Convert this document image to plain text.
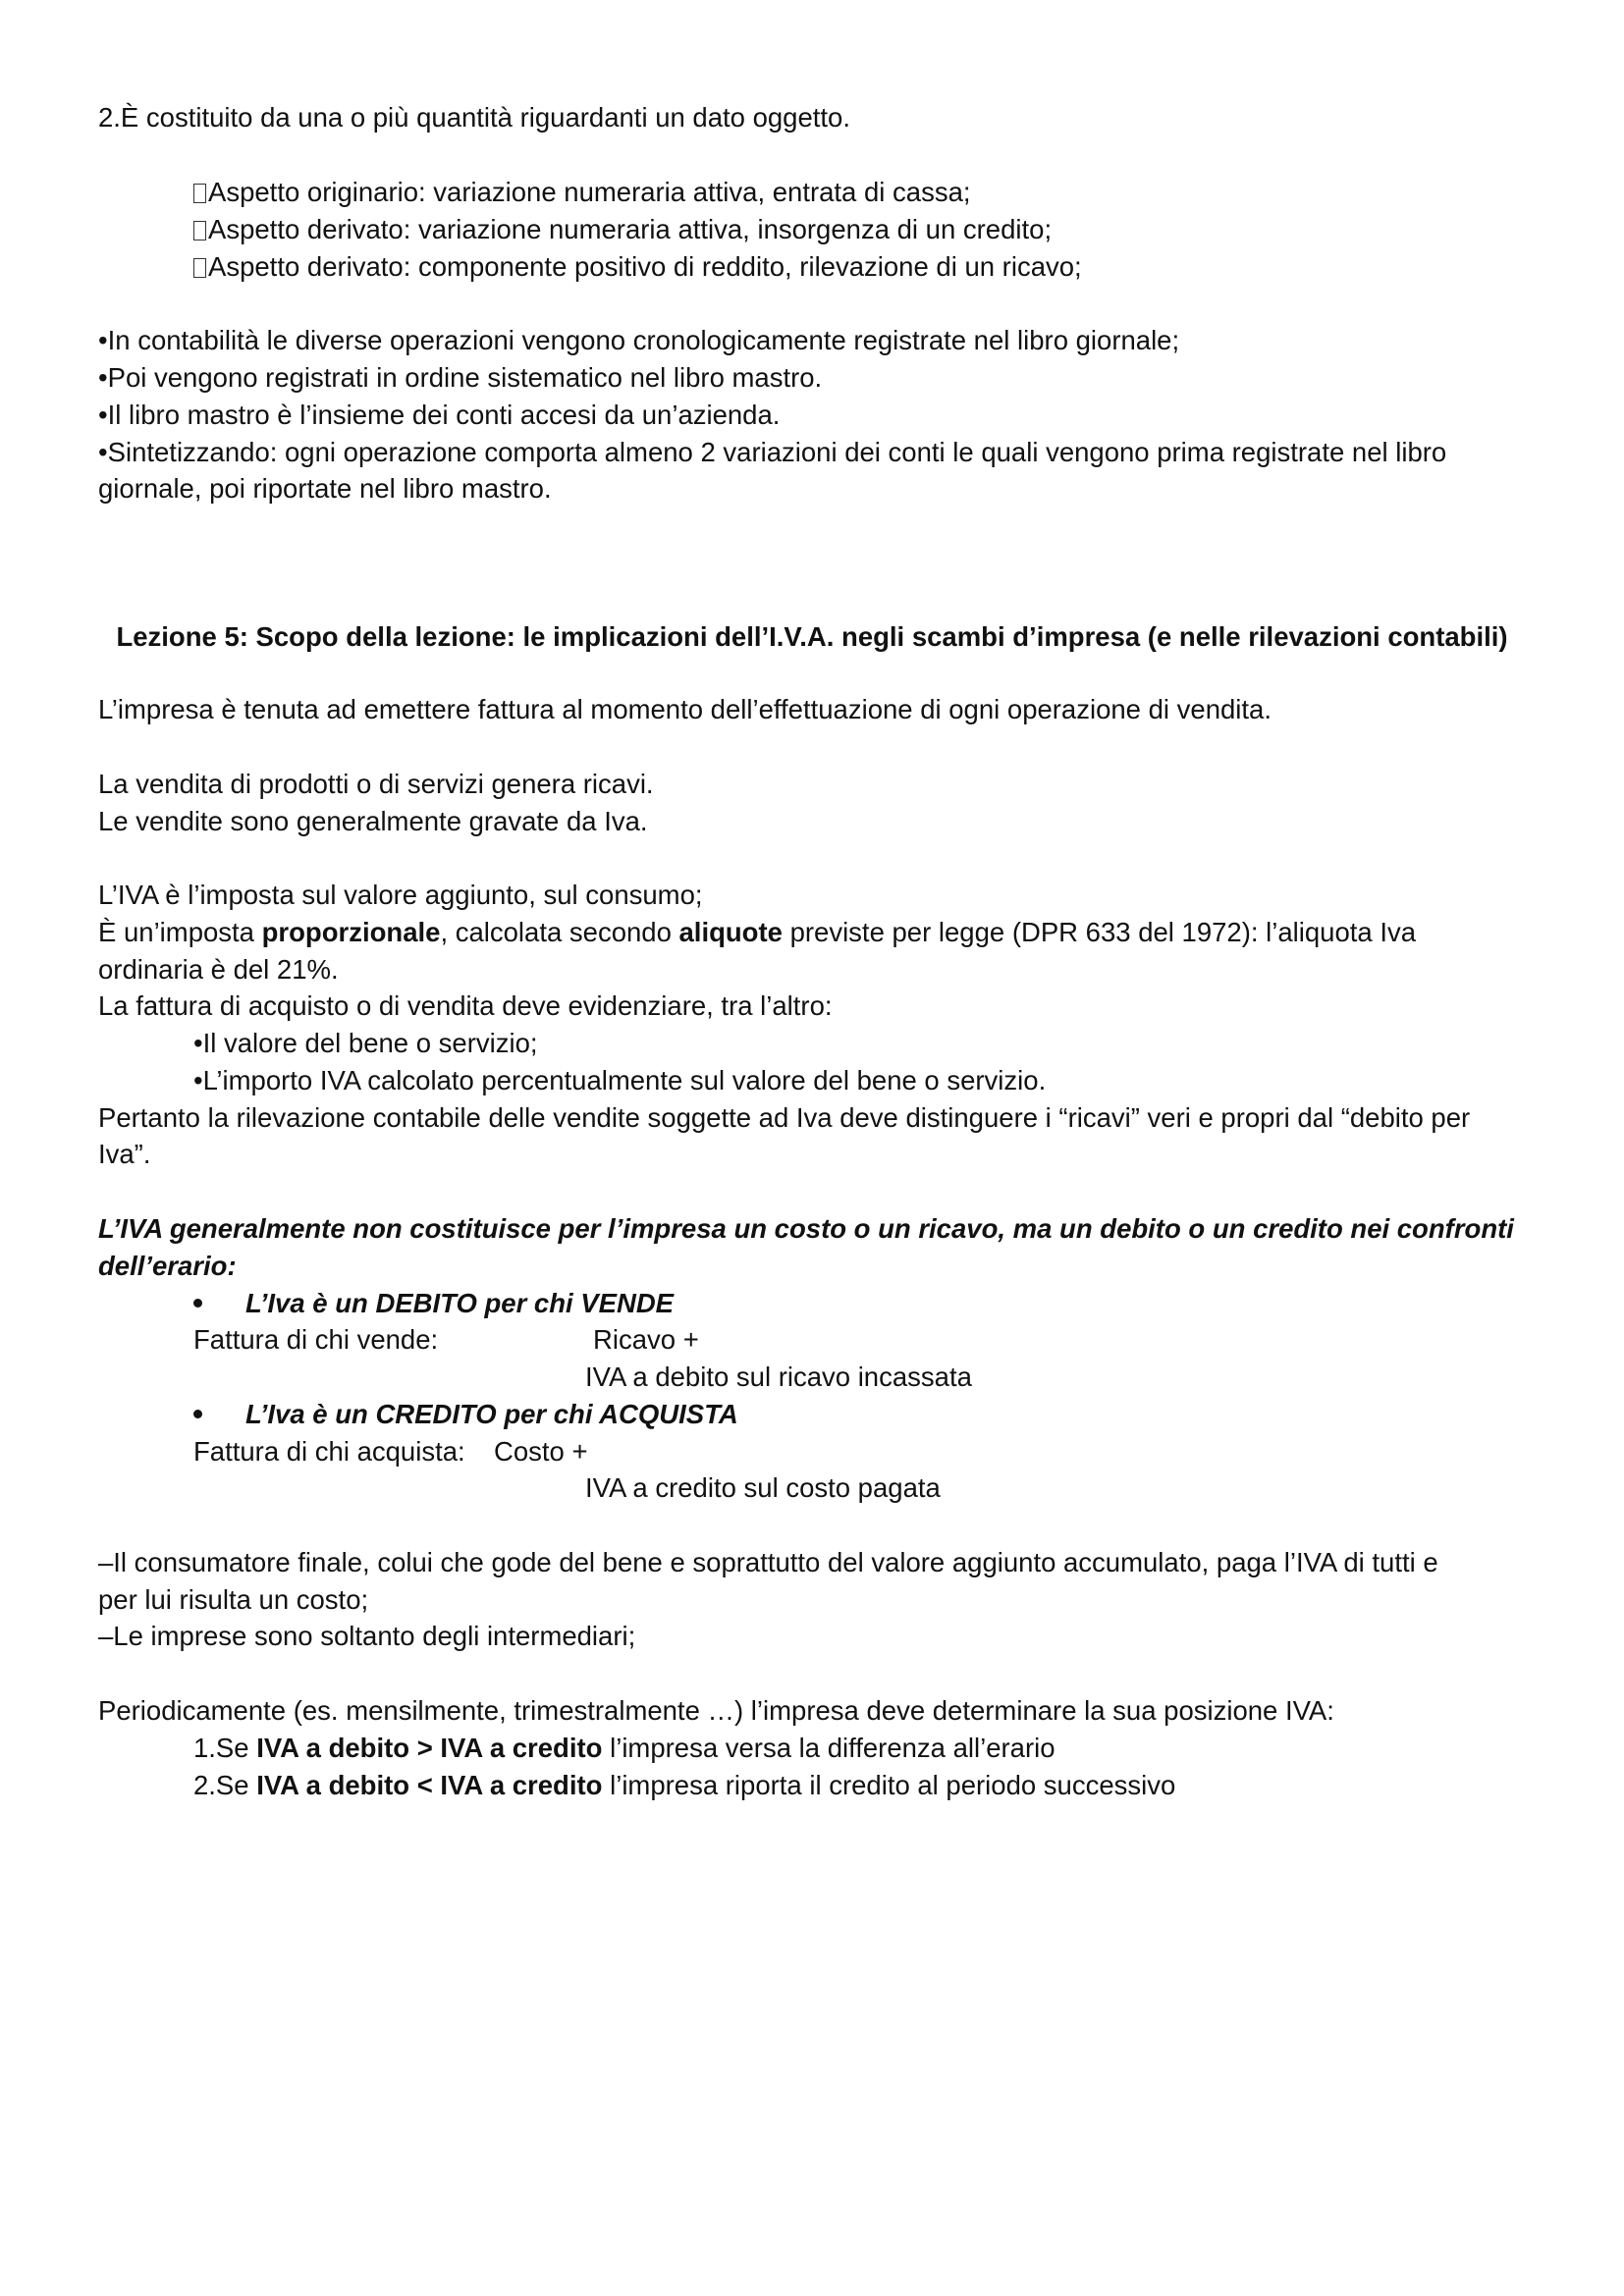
2.È costituito da una o più quantità riguardanti un dato oggetto.

Aspetto originario: variazione numeraria attiva, entrata di cassa;

Aspetto derivato: variazione numeraria attiva, insorgenza di un credito;

Aspetto derivato: componente positivo di reddito, rilevazione di un ricavo;

•In contabilità le diverse operazioni vengono cronologicamente registrate nel libro giornale;

•Poi vengono registrati in ordine sistematico nel libro mastro.

•Il libro mastro è l’insieme dei conti accesi da un’azienda.

•Sintetizzando: ogni operazione comporta almeno 2 variazioni dei conti le quali vengono prima registrate nel libro

giornale, poi riportate nel libro mastro.

Lezione 5: Scopo della lezione: le implicazioni dell’I.V.A. negli scambi d’impresa (e nelle rilevazioni contabili)

L’impresa è tenuta ad emettere fattura al momento dell’effettuazione di ogni operazione di vendita.

La vendita di prodotti o di servizi genera ricavi.

Le vendite sono generalmente gravate da Iva.

L’IVA è l’imposta sul valore aggiunto, sul consumo;

È un’imposta proporzionale, calcolata secondo aliquote previste per legge (DPR 633 del 1972): l’aliquota Iva

ordinaria è del 21%.

La fattura di acquisto o di vendita deve evidenziare, tra l’altro:

•Il valore del bene o servizio;

•L’importo IVA calcolato percentualmente sul valore del bene o servizio.

Pertanto la rilevazione contabile delle vendite soggette ad Iva deve distinguere i “ricavi” veri e propri dal “debito per

Iva”.

L’IVA generalmente non costituisce per l’impresa un costo o un ricavo, ma un debito o un credito nei confronti

dell’erario:

L’Iva è un DEBITO per chi VENDE

Fattura di chi vende:	Ricavo +

IVA a debito sul ricavo incassata

L’Iva è un CREDITO per chi ACQUISTA

Fattura di chi acquista: Costo +

IVA a credito sul costo pagata

–Il consumatore finale, colui che gode del bene e soprattutto del valore aggiunto accumulato, paga l’IVA di tutti e

per lui risulta un costo;

–Le imprese sono soltanto degli intermediari;

Periodicamente (es. mensilmente, trimestralmente …) l’impresa deve determinare la sua posizione IVA:

1.Se IVA a debito > IVA a credito l’impresa versa la differenza all’erario

2.Se IVA a debito < IVA a credito l’impresa riporta il credito al periodo successivo
